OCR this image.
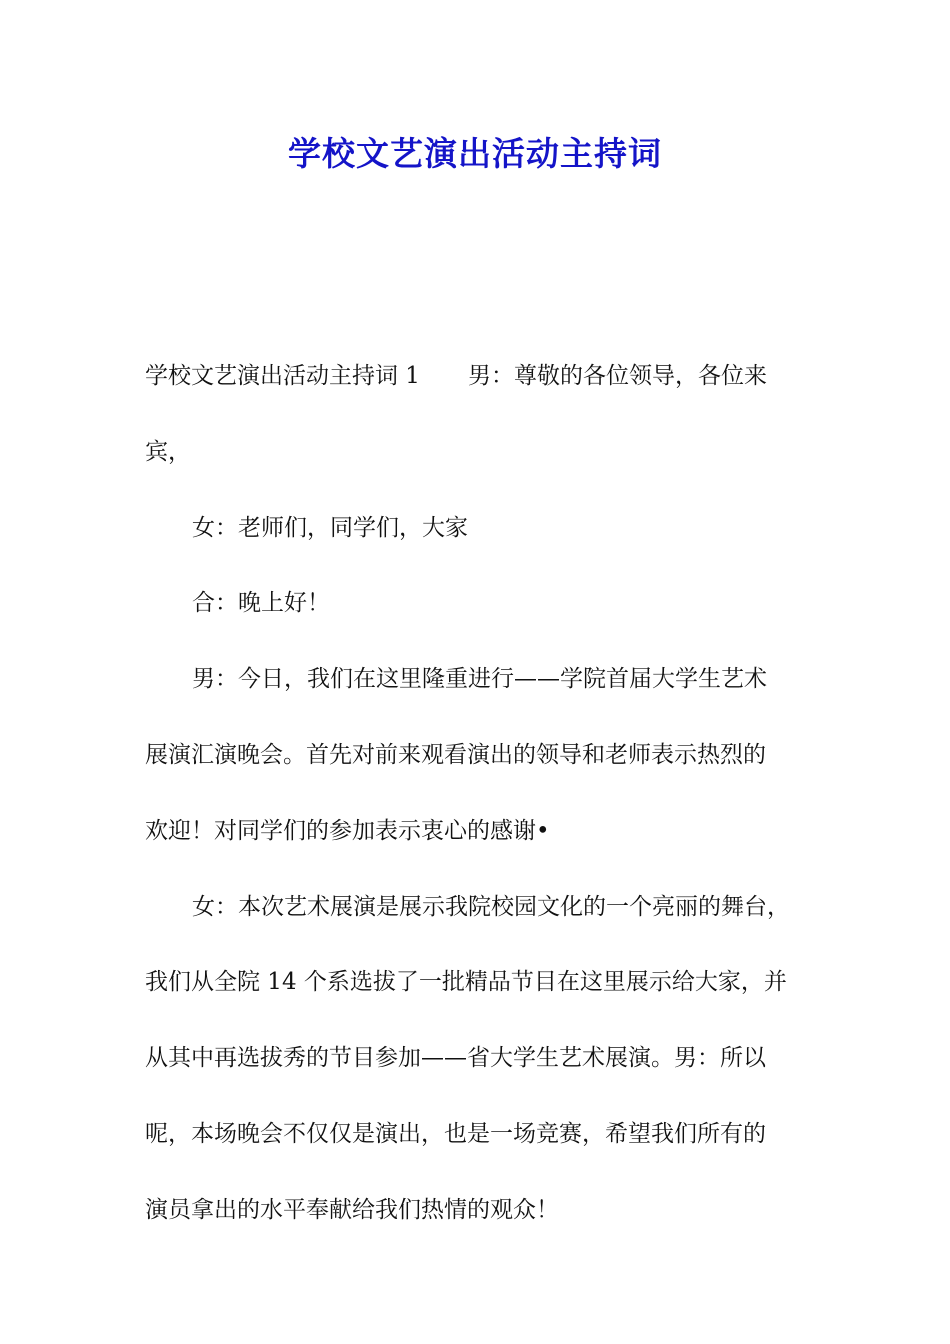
学校文艺演出活动主持词
学校文艺演出活动主持词 1 男：尊敬的各位领导，各位来
宾，
女：老师们，同学们，大家
合：晚上好！
男：今日，我们在这里隆重进行——学院首届大学生艺术
展演汇演晚会。首先对前来观看演出的领导和老师表示热烈的
欢迎！对同学们的参加表示衷心的感谢•
女：本次艺术展演是展示我院校园文化的一个亮丽的舞台，
我们从全院 14 个系选拔了一批精品节目在这里展示给大家，并
从其中再选拔秀的节目参加——省大学生艺术展演。男：所以
呢，本场晚会不仅仅是演出，也是一场竞赛，希望我们所有的
演员拿出的水平奉献给我们热情的观众！
